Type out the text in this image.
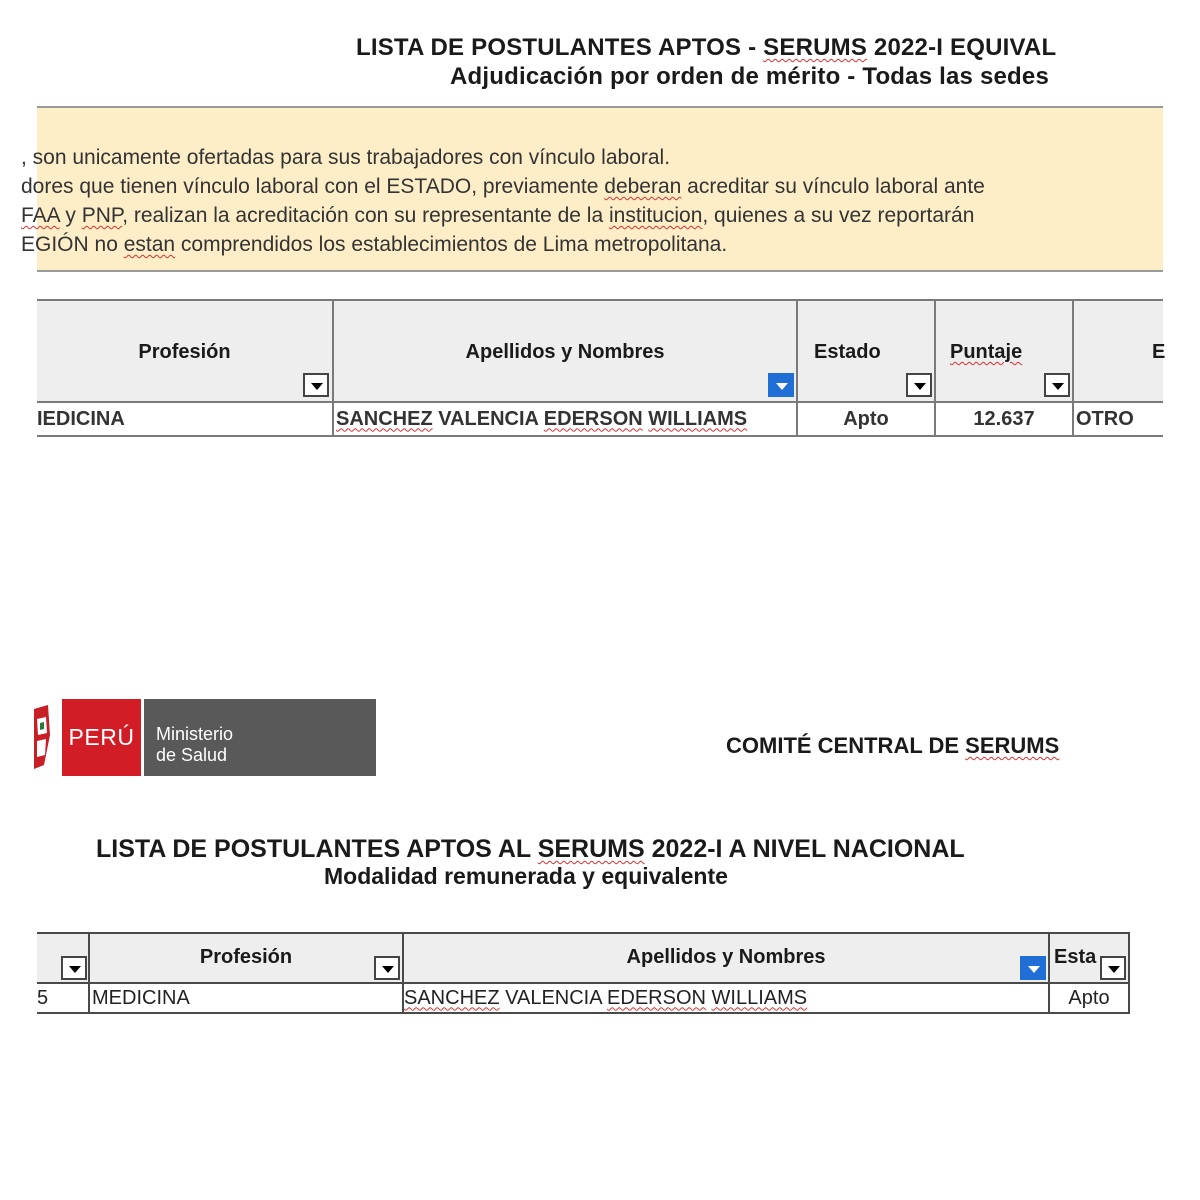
LISTA DE POSTULANTES APTOS - SERUMS 2022-I EQUIVAL
Adjudicación por orden de mérito - Todas las sedes
, son unicamente ofertadas para sus trabajadores con vínculo laboral.
dores que tienen vínculo laboral con el ESTADO, previamente deberan acreditar su vínculo laboral ante
FAA y PNP, realizan la acreditación con su representante de la institucion, quienes a su vez reportarán
EGIÓN no estan comprendidos los establecimientos de Lima metropolitana.
Profesión	Apellidos y Nombres	Estado	Puntaje	E

IEDICINA	SANCHEZ VALENCIA EDERSON WILLIAMS	Apto	12.637	OTRO
PERÚ	Ministerio
de Salud	COMITÉ CENTRAL DE SERUMS
LISTA DE POSTULANTES APTOS AL SERUMS 2022-I A NIVEL NACIONAL
Modalidad remunerada y equivalente

	Profesión	Apellidos y Nombres	Esta

5	MEDICINA	SANCHEZ VALENCIA EDERSON WILLIAMS	Apto
